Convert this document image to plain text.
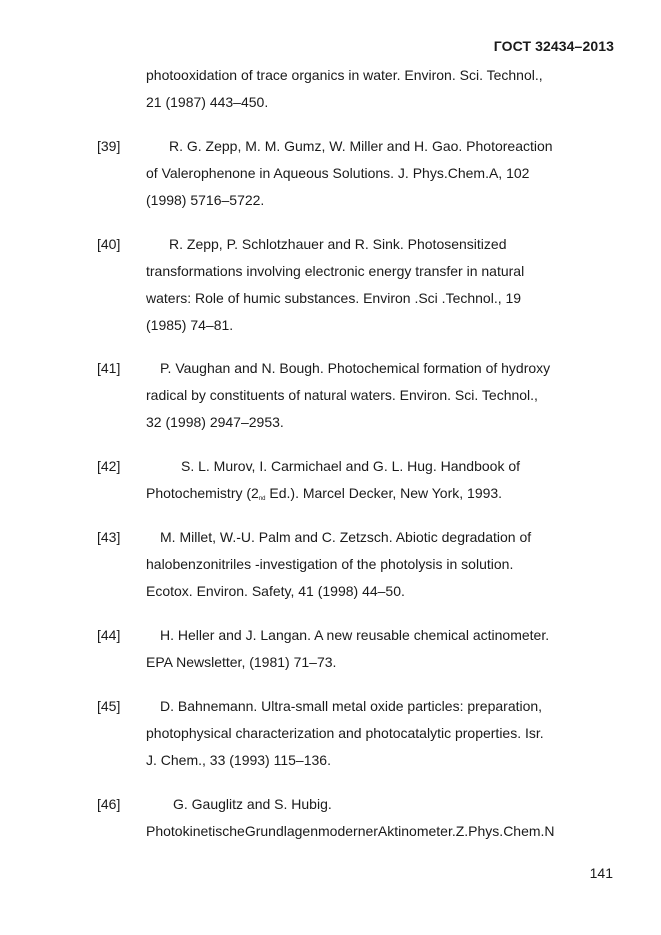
ГОСТ 32434–2013
photooxidation of trace organics in water. Environ. Sci. Technol.,
21 (1987) 443–450.
[39]	R. G. Zepp, M. M. Gumz, W. Miller and H. Gao. Photoreaction
of Valerophenone in Aqueous Solutions. J. Phys.Chem.A, 102
(1998) 5716–5722.
[40]	R. Zepp, P. Schlotzhauer and R. Sink. Photosensitized
transformations involving electronic energy transfer in natural
waters: Role of humic substances. Environ .Sci .Technol., 19
(1985) 74–81.
[41]	P. Vaughan and N. Bough. Photochemical formation of hydroxy
radical by constituents of natural waters. Environ. Sci. Technol.,
32 (1998) 2947–2953.
[42]	S. L. Murov, I. Carmichael and G. L. Hug. Handbook of
Photochemistry (2nd Ed.). Marcel Decker, New York, 1993.
[43]	M. Millet, W.-U. Palm and C. Zetzsch. Abiotic degradation of
halobenzonitriles -investigation of the photolysis in solution.
Ecotox. Environ. Safety, 41 (1998) 44–50.
[44]	H. Heller and J. Langan. A new reusable chemical actinometer.
EPA Newsletter, (1981) 71–73.
[45]	D. Bahnemann. Ultra-small metal oxide particles: preparation,
photophysical characterization and photocatalytic properties. Isr.
J. Chem., 33 (1993) 115–136.
[46]	G. Gauglitz and S. Hubig.
PhotokinetischeGrundlagenmodernerAktinometer.Z.Phys.Chem.N
141
